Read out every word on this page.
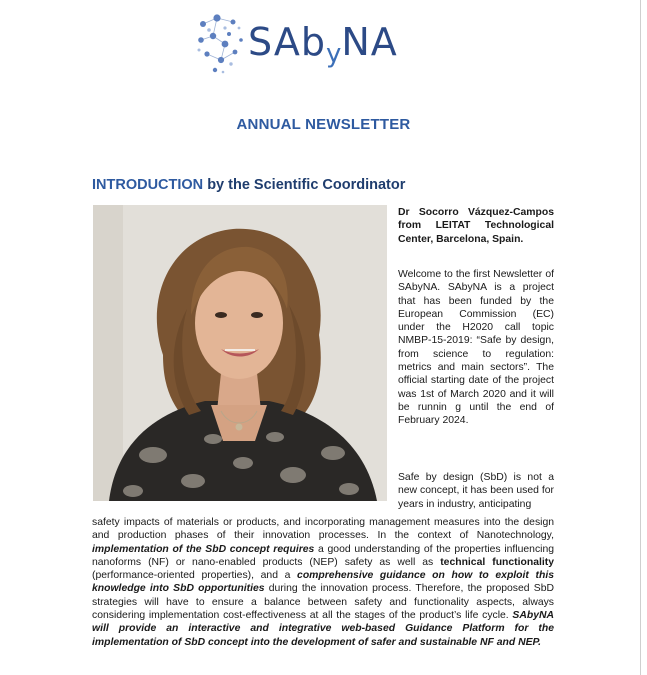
SAbyNA
ANNUAL NEWSLETTER
INTRODUCTION by the Scientific Coordinator

Dr Socorro Vázquez-Campos from LEITAT Technological Center, Barcelona, Spain.

Welcome to the first Newsletter of SAbyNA. SAbyNA is a project that has been funded by the European Commission (EC) under the H2020 call topic NMBP-15-2019: “Safe by design, from science to regulation: metrics and main sectors”. The official starting date of the project was 1st of March 2020 and it will be runnin g until the end of February 2024.

Safe by design (SbD) is not a new concept, it has been used for years in industry, anticipating

safety impacts of materials or products, and incorporating management measures into the design and production phases of their innovation processes. In the context of Nanotechnology, implementation of the SbD concept requires a good understanding of the properties influencing nanoforms (NF) or nano-enabled products (NEP) safety as well as technical functionality (performance-oriented properties), and a comprehensive guidance on how to exploit this knowledge into SbD opportunities during the innovation process. Therefore, the proposed SbD strategies will have to ensure a balance between safety and functionality aspects, always considering implementation cost-effectiveness at all the stages of the product’s life cycle. SAbyNA will provide an interactive and integrative web-based Guidance Platform for the implementation of SbD concept into the development of safer and sustainable NF and NEP.
